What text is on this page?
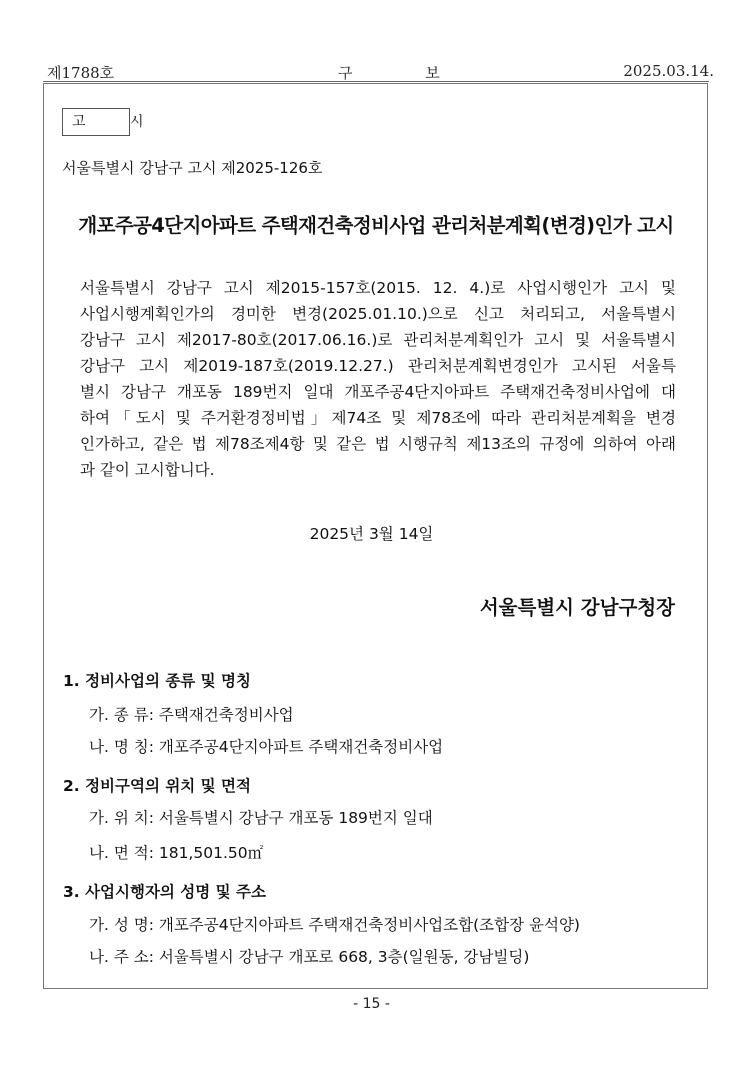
제1788호	구 보	2025.03.14.
고 시
서울특별시 강남구 고시 제2025-126호
개포주공4단지아파트 주택재건축정비사업 관리처분계획(변경)인가 고시
서울특별시 강남구 고시 제2015-157호(2015. 12. 4.)로 사업시행인가 고시 및
사업시행계획인가의 경미한 변경(2025.01.10.)으로 신고 처리되고, 서울특별시
강남구 고시 제2017-80호(2017.06.16.)로 관리처분계획인가 고시 및 서울특별시
강남구 고시 제2019-187호(2019.12.27.) 관리처분계획변경인가 고시된 서울특
별시 강남구 개포동 189번지 일대 개포주공4단지아파트 주택재건축정비사업에 대
하여「도시 및 주거환경정비법」제74조 및 제78조에 따라 관리처분계획을 변경
인가하고, 같은 법 제78조제4항 및 같은 법 시행규칙 제13조의 규정에 의하여 아래
과 같이 고시합니다.
2025년 3월 14일
서울특별시 강남구청장
1. 정비사업의 종류 및 명칭
가. 종 류: 주택재건축정비사업
나. 명 칭: 개포주공4단지아파트 주택재건축정비사업
2. 정비구역의 위치 및 면적
가. 위 치: 서울특별시 강남구 개포동 189번지 일대
나. 면 적: 181,501.50㎡
3. 사업시행자의 성명 및 주소
가. 성 명: 개포주공4단지아파트 주택재건축정비사업조합(조합장 윤석양)
나. 주 소: 서울특별시 강남구 개포로 668, 3층(일원동, 강남빌딩)
- 15 -
